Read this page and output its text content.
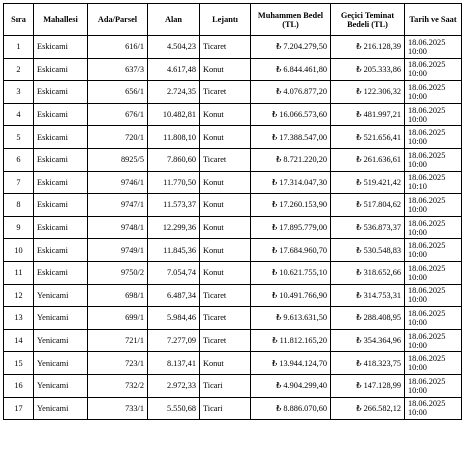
Sıra	Mahallesi	Ada/Parsel	Alan	Lejantı	Muhammen Bedel (TL)	Geçici Teminat Bedeli (TL)	Tarih ve Saat
1	Eskicami	616/1	4.504,23	Ticaret	₺ 7.204.279,50	₺ 216.128,39	18.06.2025
10:00

2	Eskicami	637/3	4.617,48	Konut	₺ 6.844.461,80	₺ 205.333,86	18.06.2025
10:00

3	Eskicami	656/1	2.724,35	Ticaret	₺ 4.076.877,20	₺ 122.306,32	18.06.2025
10:00

4	Eskicami	676/1	10.482,81	Konut	₺ 16.066.573,60	₺ 481.997,21	18.06.2025
10:00

5	Eskicami	720/1	11.808,10	Konut	₺ 17.388.547,00	₺ 521.656,41	18.06.2025
10:00

6	Eskicami	8925/5	7.860,60	Ticaret	₺ 8.721.220,20	₺ 261.636,61	18.06.2025
10:00

7	Eskicami	9746/1	11.770,50	Konut	₺ 17.314.047,30	₺ 519.421,42	18.06.2025
10:10

8	Eskicami	9747/1	11.573,37	Konut	₺ 17.260.153,90	₺ 517.804,62	18.06.2025
10:00

9	Eskicami	9748/1	12.299,36	Konut	₺ 17.895.779,00	₺ 536.873,37	18.06.2025
10:00

10	Eskicami	9749/1	11.845,36	Konut	₺ 17.684.960,70	₺ 530.548,83	18.06.2025
10:00

11	Eskicami	9750/2	7.054,74	Konut	₺ 10.621.755,10	₺ 318.652,66	18.06.2025
10:00

12	Yenicami	698/1	6.487,34	Ticaret	₺ 10.491.766,90	₺ 314.753,31	18.06.2025
10:00

13	Yenicami	699/1	5.984,46	Ticaret	₺ 9.613.631,50	₺ 288.408,95	18.06.2025
10:00

14	Yenicami	721/1	7.277,09	Ticaret	₺ 11.812.165,20	₺ 354.364,96	18.06.2025
10:00

15	Yenicami	723/1	8.137,41	Konut	₺ 13.944.124,70	₺ 418.323,75	18.06.2025
10:00

16	Yenicami	732/2	2.972,33	Ticari	₺ 4.904.299,40	₺ 147.128,99	18.06.2025
10:00

17	Yenicami	733/1	5.550,68	Ticari	₺ 8.886.070,60	₺ 266.582,12	18.06.2025
10:00
